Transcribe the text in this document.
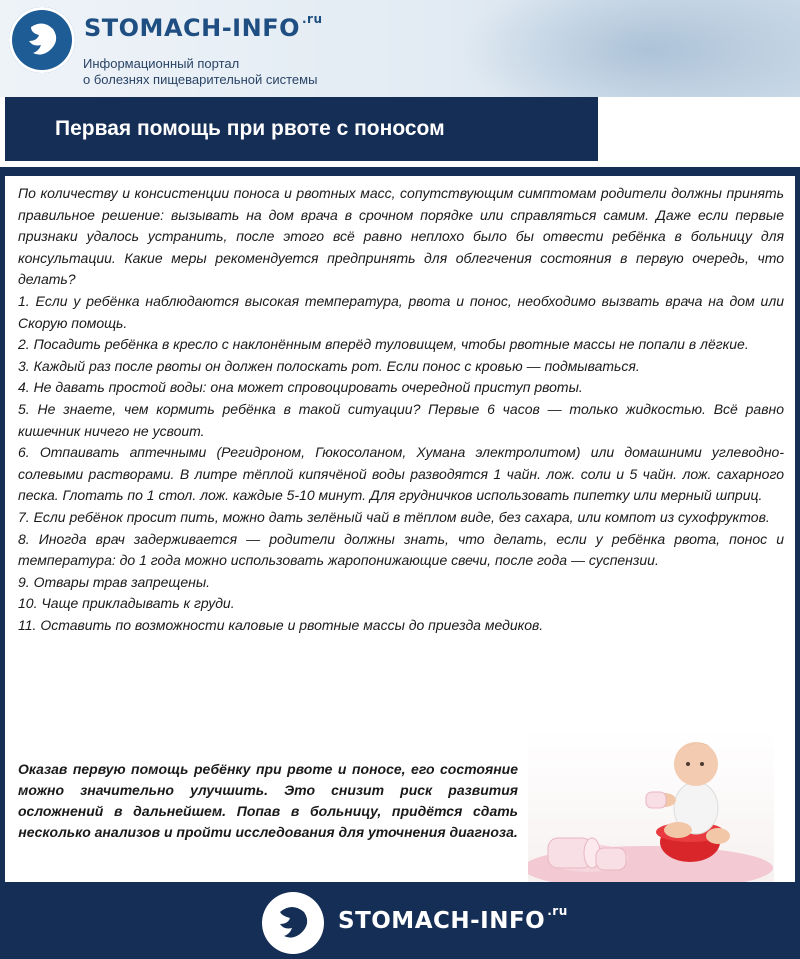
STOMACH-INFO $^{.ru}$
Информационный портал
о болезнях пищеварительной системы
Первая помощь при рвоте с поносом

По количеству и консистенции поноса и рвотных масс, сопутствующим симптомам родители должны принять правильное решение: вызывать на дом врача в срочном порядке или справляться самим. Даже если первые признаки удалось устранить, после этого всё равно неплохо было бы отвести ребёнка в больницу для консультации. Какие меры рекомендуется предпринять для облегчения состояния в первую очередь, что делать?

1. Если у ребёнка наблюдаются высокая температура, рвота и понос, необходимо вызвать врача на дом или Скорую помощь.

2. Посадить ребёнка в кресло с наклонённым вперёд туловищем, чтобы рвотные массы не попали в лёгкие.

3. Каждый раз после рвоты он должен полоскать рот. Если понос с кровью — подмываться.

4. Не давать простой воды: она может спровоцировать очередной приступ рвоты.

5. Не знаете, чем кормить ребёнка в такой ситуации? Первые 6 часов — только жидкостью. Всё равно кишечник ничего не усвоит.

6. Отпаивать аптечными (Регидроном, Гюкосоланом, Хумана электролитом) или домашними углеводно-солевыми растворами. В литре тёплой кипячёной воды разводятся 1 чайн. лож. соли и 5 чайн. лож. сахарного песка. Глотать по 1 стол. лож. каждые 5-10 минут. Для грудничков использовать пипетку или мерный шприц.

7. Если ребёнок просит пить, можно дать зелёный чай в тёплом виде, без сахара, или компот из сухофруктов.

8. Иногда врач задерживается — родители должны знать, что делать, если у ребёнка рвота, понос и температура: до 1 года можно использовать жаропонижающие свечи, после года — суспензии.

9. Отвары трав запрещены.

10. Чаще прикладывать к груди.

11. Оставить по возможности каловые и рвотные массы до приезда медиков.

Оказав первую помощь ребёнку при рвоте и поносе, его состояние можно значительно улучшить. Это снизит риск развития осложнений в дальнейшем. Попав в больницу, придётся сдать несколько анализов и пройти исследования для уточнения диагноза.
STOMACH-INFO $^{.ru}$
